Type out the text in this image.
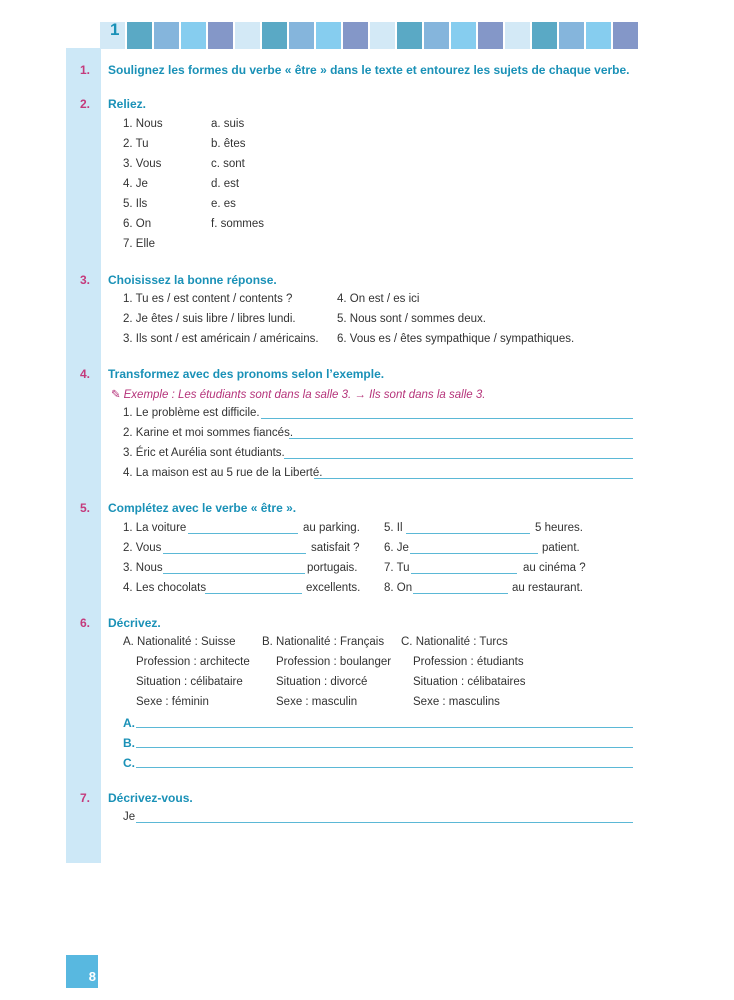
1
1. Soulignez les formes du verbe « être » dans le texte et entourez les sujets de chaque verbe.
2. Reliez.
1. Nous
2. Tu
3. Vous
4. Je
5. Ils
6. On
7. Elle
a. suis
b. êtes
c. sont
d. est
e. es
f. sommes
3. Choisissez la bonne réponse.
1. Tu es / est content / contents ?
2. Je êtes / suis libre / libres lundi.
3. Ils sont / est américain / américains.
4. On est / es ici
5. Nous sont / sommes deux.
6. Vous es / êtes sympathique / sympathiques.
4. Transformez avec des pronoms selon l’exemple.
✎ Exemple : Les étudiants sont dans la salle 3. → Ils sont dans la salle 3.
1. Le problème est difficile.
2. Karine et moi sommes fiancés.
3. Éric et Aurélia sont étudiants.
4. La maison est au 5 rue de la Liberté.
5. Complétez avec le verbe « être ».
1. La voiture	au parking.
2. Vous	satisfait ?
3. Nous	portugais.
4. Les chocolats	excellents.
5. Il	5 heures.
6. Je	patient.
7. Tu	au cinéma ?
8. On	au restaurant.
6. Décrivez.
A. Nationalité : Suisse
Profession : architecte
Situation : célibataire
Sexe : féminin
B. Nationalité : Français
Profession : boulanger
Situation : divorcé
Sexe : masculin
C. Nationalité : Turcs
Profession : étudiants
Situation : célibataires
Sexe : masculins
A.
B.
C.
7. Décrivez-vous.
Je
8
